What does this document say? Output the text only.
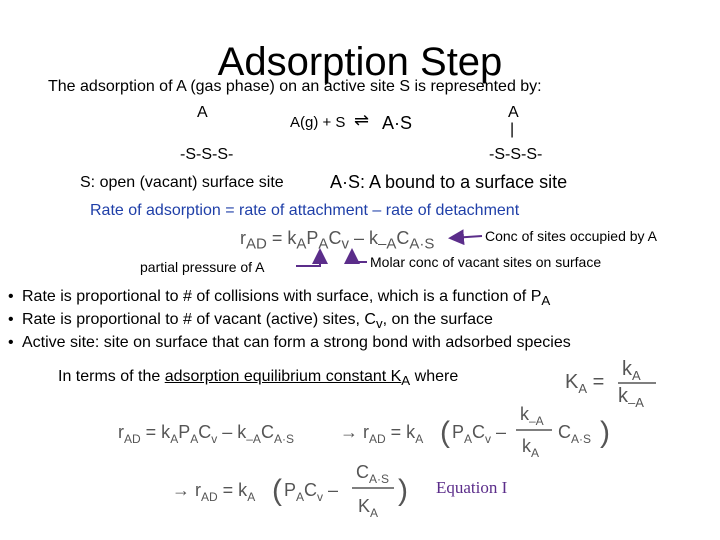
Adsorption Step
The adsorption of A (gas phase) on an active site S is represented by:
A
-S-S-S-
A(g) + S ⇌ A·S
A
|
-S-S-S-
S: open (vacant) surface site	A·S: A bound to a surface site
Rate of adsorption = rate of attachment – rate of detachment
$r_{AD} = k_AP_AC_v - k_{-A}C_{A\cdot S}$	Conc of sites occupied by A
partial pressure of A	Molar conc of vacant sites on surface
• Rate is proportional to # of collisions with surface, which is a function of $P_A$
• Rate is proportional to # of vacant (active) sites, $C_v$, on the surface
• Active site: site on surface that can form a strong bond with adsorbed species
In terms of the adsorption equilibrium constant $K_A$ where	$K_A$ =
$k_A$
$k_{-A}$
$r_{AD} = k_AP_AC_v - k_{-A}C_{A\cdot S}$	→ $r_{AD} = k_A$ ( $P_AC_v$ –
$k_{-A}$
$k_A$
$C_{A\cdot S}$ )
→ $r_{AD} = k_A$ ( $P_AC_v$ –
$C_{A\cdot S}$
$K_A$
) Equation I
